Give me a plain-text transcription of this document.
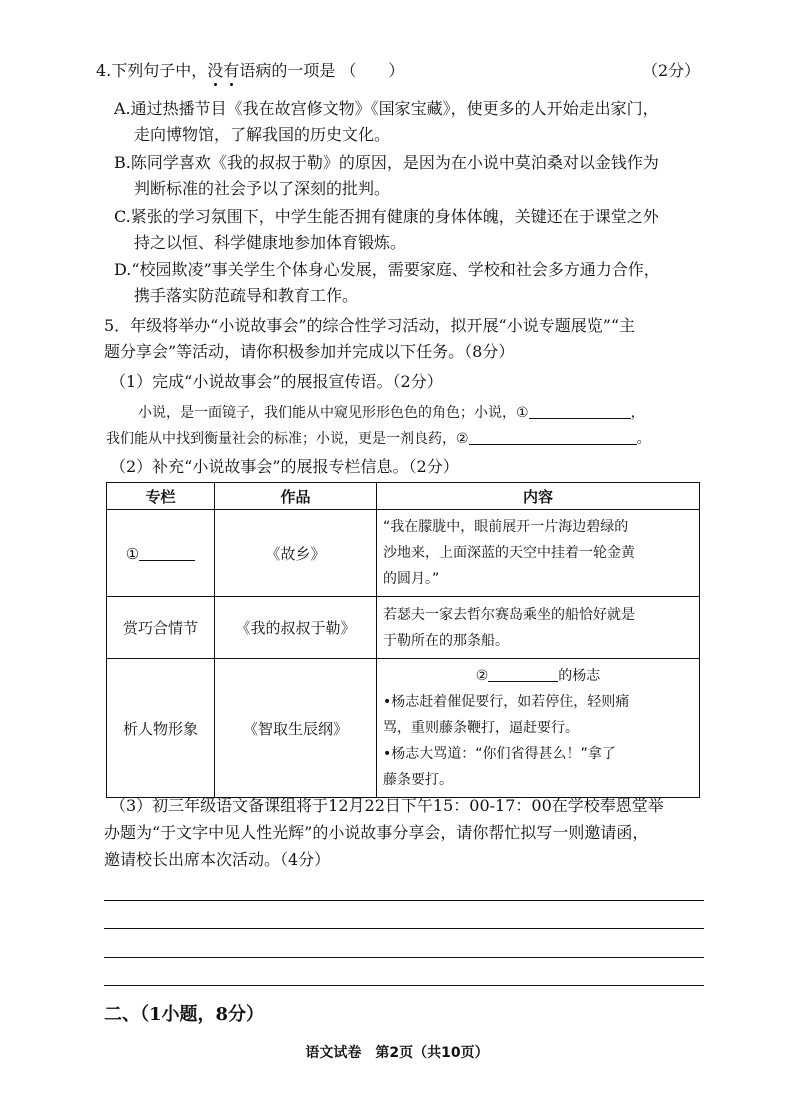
4.下列句子中，没有语病的一项是 （　　）	（2分）
A.通过热播节目《我在故宫修文物》《国家宝藏》，使更多的人开始走出家门，
走向博物馆，了解我国的历史文化。
B.陈同学喜欢《我的叔叔于勒》的原因，是因为在小说中莫泊桑对以金钱作为
判断标准的社会予以了深刻的批判。
C.紧张的学习氛围下，中学生能否拥有健康的身体体魄，关键还在于课堂之外
持之以恒、科学健康地参加体育锻炼。
D.“校园欺凌”事关学生个体身心发展，需要家庭、学校和社会多方通力合作，
携手落实防范疏导和教育工作。
5．年级将举办“小说故事会”的综合性学习活动，拟开展“小说专题展览”“主
题分享会”等活动，请你积极参加并完成以下任务。（8分）
（1）完成“小说故事会”的展报宣传语。（2分）
小说，是一面镜子，我们能从中窥见形形色色的角色；小说，①	，
我们能从中找到衡量社会的标准；小说，更是一剂良药，②	。
（2）补充“小说故事会”的展报专栏信息。（2分）
专栏	作品	内容
①	《故乡》	“我在朦胧中，眼前展开一片海边碧绿的
沙地来，上面深蓝的天空中挂着一轮金黄
的圆月。”

赏巧合情节	《我的叔叔于勒》	若瑟夫一家去哲尔赛岛乘坐的船恰好就是
于勒所在的那条船。

析人物形象	《智取生辰纲》	② 的杨志
•杨志赶着催促要行，如若停住，轻则痛
骂，重则藤条鞭打，逼赶要行。
•杨志大骂道：“你们省得甚么！”拿了
藤条要打。
（3）初三年级语文备课组将于12月22日下午15：00-17：00在学校奉恩堂举
办题为“于文字中见人性光辉”的小说故事分享会，请你帮忙拟写一则邀请函，
邀请校长出席本次活动。（4分）
二、（1小题，8分）
语文试卷　第2页（共10页）
